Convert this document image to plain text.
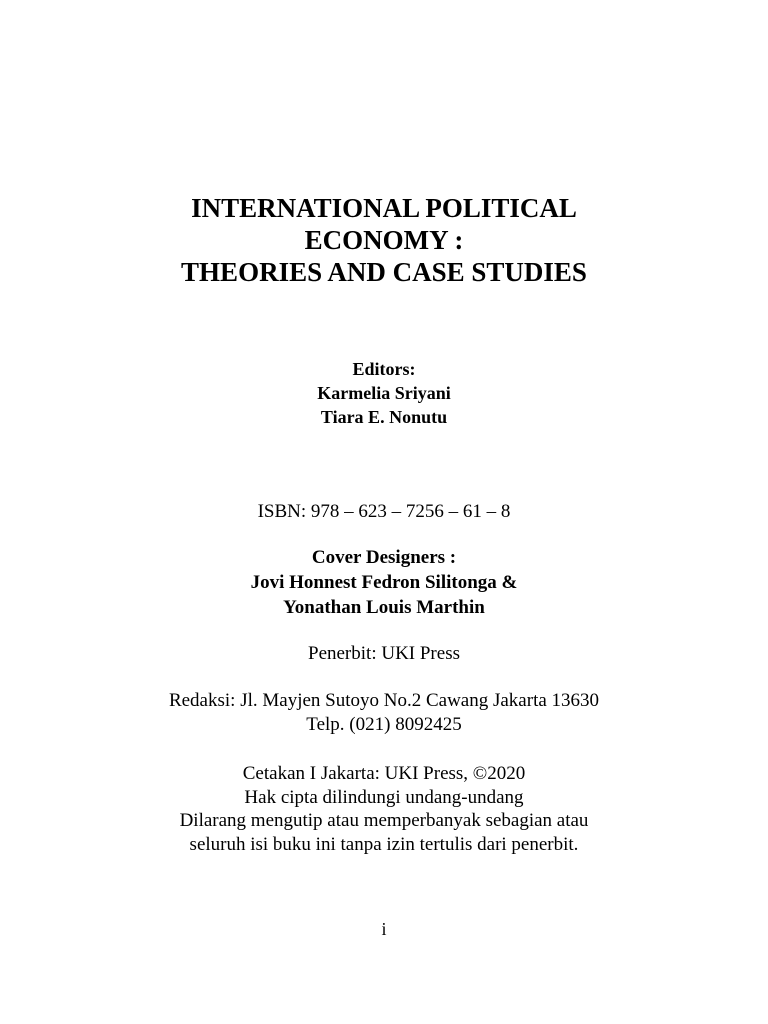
INTERNATIONAL POLITICAL
ECONOMY :
THEORIES AND CASE STUDIES
Editors:
Karmelia Sriyani
Tiara E. Nonutu
ISBN: 978 – 623 – 7256 – 61 – 8
Cover Designers :
Jovi Honnest Fedron Silitonga &
Yonathan Louis Marthin
Penerbit: UKI Press
Redaksi: Jl. Mayjen Sutoyo No.2 Cawang Jakarta 13630
Telp. (021) 8092425
Cetakan I Jakarta: UKI Press, ©2020
Hak cipta dilindungi undang-undang
Dilarang mengutip atau memperbanyak sebagian atau
seluruh isi buku ini tanpa izin tertulis dari penerbit.
i
